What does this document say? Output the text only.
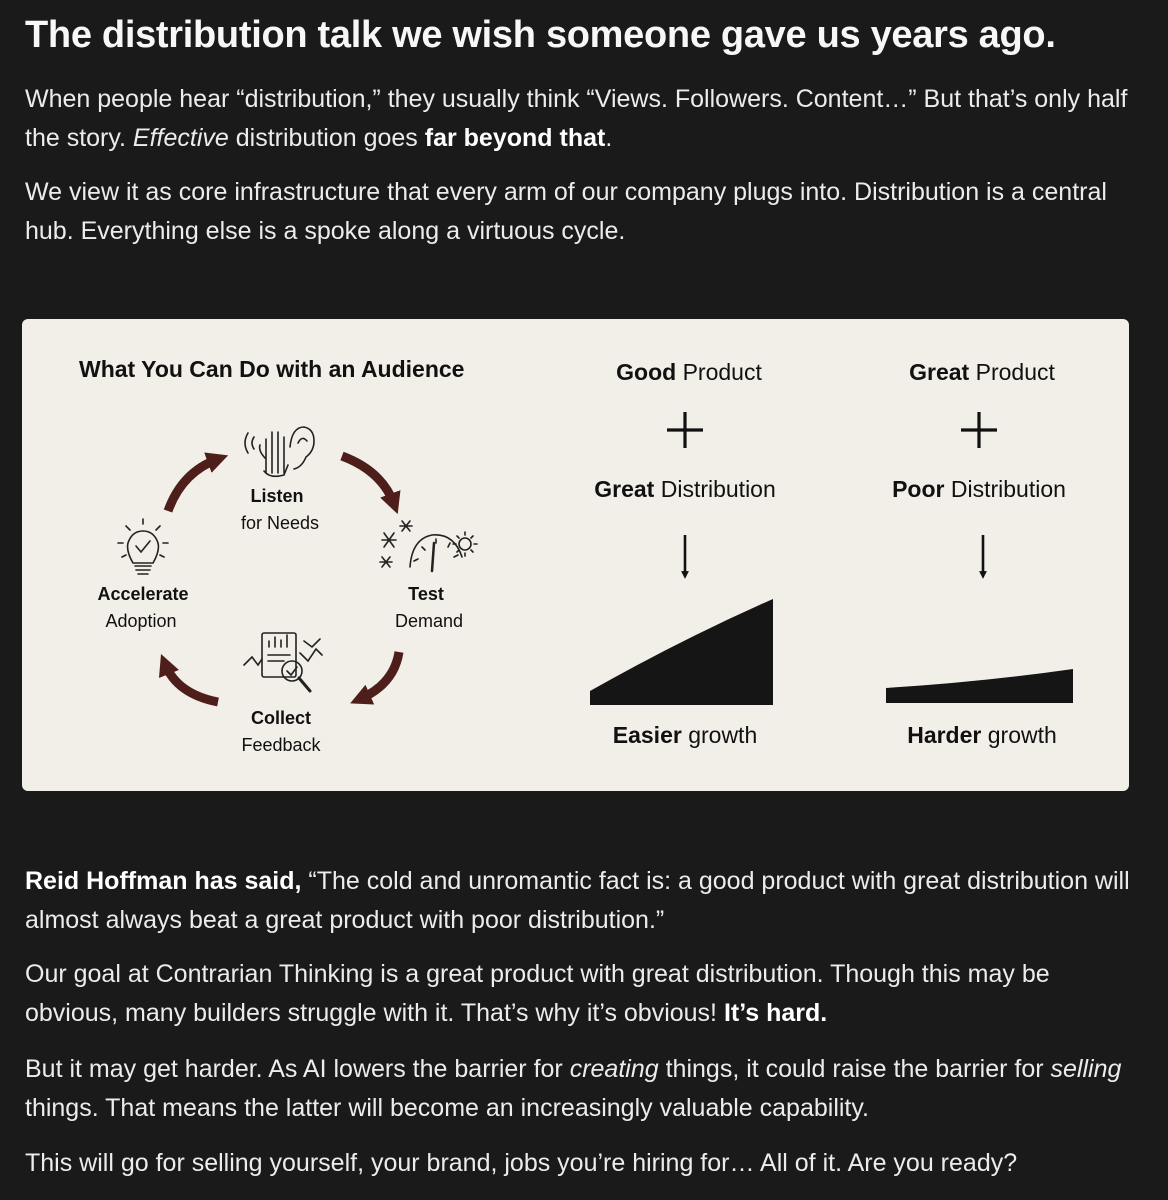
The distribution talk we wish someone gave us years ago.

When people hear “distribution,” they usually think “Views. Followers. Content…” But that’s only half the story. Effective distribution goes far beyond that.

We view it as core infrastructure that every arm of our company plugs into. Distribution is a central hub. Everything else is a spoke along a virtuous cycle.

What You Can Do with an Audience
Listen
for Needs
Test
Demand
Collect
Feedback
Accelerate
Adoption
Good Product
Great Distribution
Easier growth
Great Product
Poor Distribution
Harder growth

Reid Hoffman has said, “The cold and unromantic fact is: a good product with great distribution will almost always beat a great product with poor distribution.”

Our goal at Contrarian Thinking is a great product with great distribution. Though this may be obvious, many builders struggle with it. That’s why it’s obvious! It’s hard.

But it may get harder. As AI lowers the barrier for creating things, it could raise the barrier for selling things. That means the latter will become an increasingly valuable capability.

This will go for selling yourself, your brand, jobs you’re hiring for… All of it. Are you ready?
